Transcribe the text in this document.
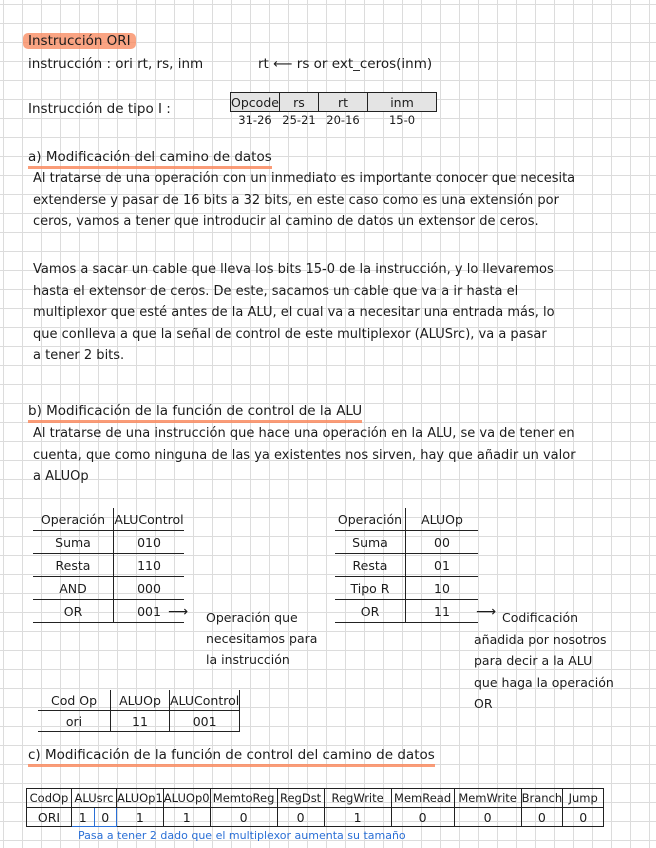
Instrucción ORI
instrucción : ori rt, rs, inm	rt ⟵ rs or ext_ceros(inm)
Instrucción de tipo I :	Opcode	rs	rt	inm
31-26	25-21	20-16	15-0
a) Modificación del camino de datos
Al tratarse de una operación con un inmediato es importante conocer que necesita
extenderse y pasar de 16 bits a 32 bits, en este caso como es una extensión por
ceros, vamos a tener que introducir al camino de datos un extensor de ceros.
Vamos a sacar un cable que lleva los bits 15-0 de la instrucción, y lo llevaremos
hasta el extensor de ceros. De este, sacamos un cable que va a ir hasta el
multiplexor que esté antes de la ALU, el cual va a necesitar una entrada más, lo
que conlleva a que la señal de control de este multiplexor (ALUSrc), va a pasar
a tener 2 bits.
b) Modificación de la función de control de la ALU
Al tratarse de una instrucción que hace una operación en la ALU, se va de tener en
cuenta, que como ninguna de las ya existentes nos sirven, hay que añadir un valor
a ALUOp
Operación	ALUControl
Suma	010
Resta	110
AND	000
OR	001 ⟶ Operación que
necesitamos para
la instrucción
Operación	ALUOp
Suma	00
Resta	01
Tipo R	10
OR	11 ⟶ Codificación
añadida por nosotros
para decir a la ALU
que haga la operación
OR
Cod Op	ALUOp	ALUControl
ori	11	001
c) Modificación de la función de control del camino de datos
CodOp	ALUsrc		ALUOp1	ALUOp0	MemtoReg	RegDst	RegWrite	MemRead	MemWrite	Branch	Jump
ORI	1	0	1	1	0	0	1	0	0	0	0
Pasa a tener 2 dado que el multiplexor aumenta su tamaño
